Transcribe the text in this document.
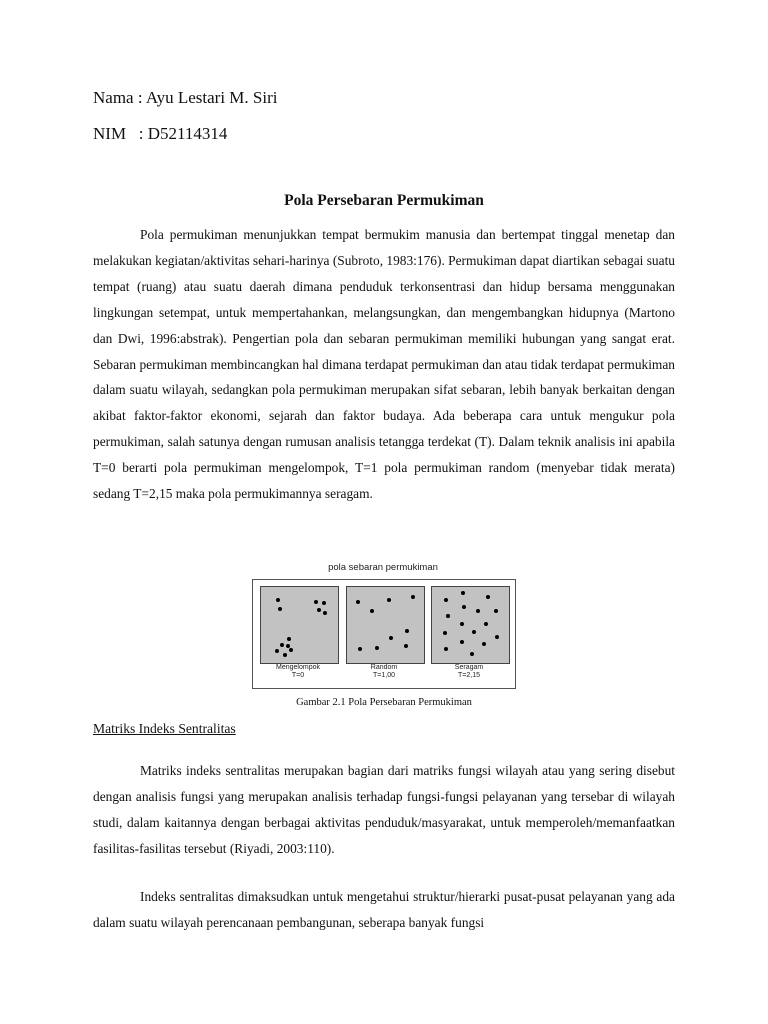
Nama : Ayu Lestari M. Siri
NIM   : D52114314
Pola Persebaran Permukiman

Pola permukiman menunjukkan tempat bermukim manusia dan bertempat tinggal menetap dan melakukan kegiatan/aktivitas sehari-harinya (Subroto, 1983:176). Permukiman dapat diartikan sebagai suatu tempat (ruang) atau suatu daerah dimana penduduk terkonsentrasi dan hidup bersama menggunakan lingkungan setempat, untuk mempertahankan, melangsungkan, dan mengembangkan hidupnya (Martono dan Dwi, 1996:abstrak). Pengertian pola dan sebaran permukiman memiliki hubungan yang sangat erat. Sebaran permukiman membincangkan hal dimana terdapat permukiman dan atau tidak terdapat permukiman dalam suatu wilayah, sedangkan pola permukiman merupakan sifat sebaran, lebih banyak berkaitan dengan akibat faktor-faktor ekonomi, sejarah dan faktor budaya. Ada beberapa cara untuk mengukur pola permukiman, salah satunya dengan rumusan analisis tetangga terdekat (T). Dalam teknik analisis ini apabila T=0 berarti pola permukiman mengelompok, T=1 pola permukiman random (menyebar tidak merata) sedang T=2,15 maka pola permukimannya seragam.

pola sebaran permukiman
Mengelompok
T=0
Random
T=1,00
Seragam
T=2,15
Gambar 2.1 Pola Persebaran Permukiman
Matriks Indeks Sentralitas

Matriks indeks sentralitas merupakan bagian dari matriks fungsi wilayah atau yang sering disebut dengan analisis fungsi yang merupakan analisis terhadap fungsi-fungsi pelayanan yang tersebar di wilayah studi, dalam kaitannya dengan berbagai aktivitas penduduk/masyarakat, untuk memperoleh/memanfaatkan fasilitas-fasilitas tersebut (Riyadi, 2003:110).

Indeks sentralitas dimaksudkan untuk mengetahui struktur/hierarki pusat-pusat pelayanan yang ada dalam suatu wilayah perencanaan pembangunan, seberapa banyak fungsi
